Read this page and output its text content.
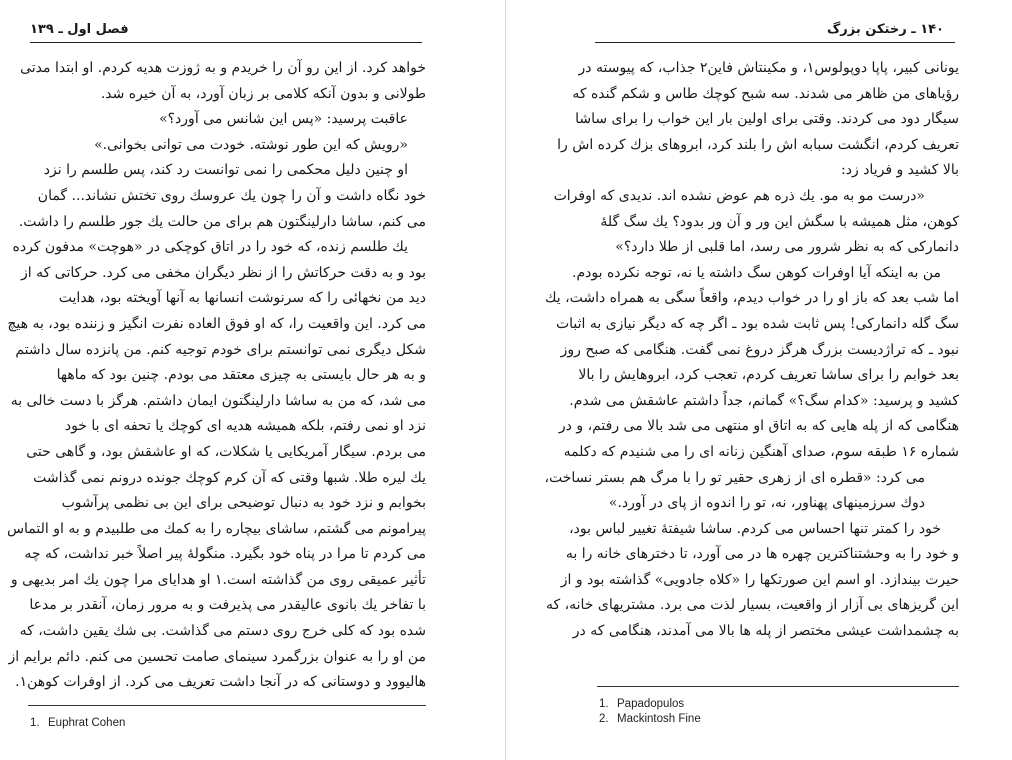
فصل اول ـ ۱۳۹
خواهد کرد. از این رو آن را خریدم و به ژوزت هدیه کردم. او ابتدا مدتی
طولانی و بدون آنکه کلامی بر زبان آورد، به آن خیره شد.
عاقبت پرسید: «پس این شانس می آورد؟»
«رویش که این طور نوشته. خودت می توانی بخوانی.»
او چنین دلیل محکمی را نمی توانست رد کند، پس طلسم را نزد
خود نگاه داشت و آن را چون یك عروسك روی تختش نشاند... گمان
می کنم، ساشا دارلینگتون هم برای من حالت یك جور طلسم را داشت.
یك طلسم زنده، که خود را در اتاق کوچکی در «هوچت» مدفون کرده
بود و به دقت حرکاتش را از نظر دیگران مخفی می کرد. حرکاتی که از
دید من نخهائی را که سرنوشت انسانها به آنها آویخته بود، هدایت
می کرد. این واقعیت را، که او فوق العاده نفرت انگیز و زننده بود، به هیچ
شکل دیگری نمی توانستم برای خودم توجیه کنم. من پانزده سال داشتم
و به هر حال بایستی به چیزی معتقد می بودم. چنین بود که ماهها
می شد، که من به ساشا دارلینگتون ایمان داشتم. هرگز با دست خالی به
نزد او نمی رفتم، بلکه همیشه هدیه ای کوچك یا تحفه ای با خود
می بردم. سیگار آمریکایی یا شکلات، که او عاشقش بود، و گاهی حتی
یك لیره طلا. شبها وقتی که آن کرم کوچك جونده درونم نمی گذاشت
بخوابم و نزد خود به دنبال توضیحی برای این بی نظمی پرآشوب
پیرامونم می گشتم، ساشای بیچاره را به کمك می طلبیدم و به او التماس
می کردم تا مرا در پناه خود بگیرد. منگولهٔ پیر اصلاً خبر نداشت، که چه
تأثیر عمیقی روی من گذاشته است.۱ او هدایای مرا چون یك امر بدیهی و
با تفاخر یك بانوی عالیقدر می پذیرفت و به مرور زمان، آنقدر بر مدعا
شده بود که کلی خرج روی دستم می گذاشت. بی شك یقین داشت، که
من او را به عنوان بزرگمرد سینمای صامت تحسین می کنم. دائم برایم از
هالیوود و دوستانی که در آنجا داشت تعریف می کرد. از اوفرات کوهن۱.
1. Euphrat Cohen
۱۴۰ ـ رختکن بزرگ
یونانی کبیر، پاپا دوپولوس۱، و مکینتاش فاین۲ جذاب، که پیوسته در
رؤیاهای من ظاهر می شدند. سه شبح کوچك طاس و شکم گنده که
سیگار دود می کردند. وقتی برای اولین بار این خواب را برای ساشا
تعریف کردم، انگشت سبابه اش را بلند کرد، ابروهای بزك کرده اش را
بالا کشید و فریاد زد:
«درست مو به مو. یك ذره هم عوض نشده اند. ندیدی که اوفرات
کوهن، مثل همیشه با سگش این ور و آن ور بدود؟ یك سگ گلهٔ
دانمارکی که به نظر شرور می رسد، اما قلبی از طلا دارد؟»
من به اینکه آیا اوفرات کوهن سگ داشته یا نه، توجه نکرده بودم.
اما شب بعد که باز او را در خواب دیدم، واقعاً سگی به همراه داشت، یك
سگ گله دانمارکی! پس ثابت شده بود ـ اگر چه که دیگر نیازی به اثبات
نبود ـ که تراژدیست بزرگ هرگز دروغ نمی گفت. هنگامی که صبح روز
بعد خوابم را برای ساشا تعریف کردم، تعجب کرد، ابروهایش را بالا
کشید و پرسید: «کدام سگ؟» گمانم، جداً داشتم عاشقش می شدم.
هنگامی که از پله هایی که به اتاق او منتهی می شد بالا می رفتم، و در
شماره ۱۶ طبقه سوم، صدای آهنگین زنانه ای را می شنیدم که دکلمه
می کرد: «قطره ای از زهری حقیر تو را با مرگ هم بستر نساخت،
دوك سرزمینهای پهناور، نه، تو را اندوه از پای در آورد.»
خود را کمتر تنها احساس می کردم. ساشا شیفتهٔ تغییر لباس بود،
و خود را به وحشتناکترین چهره ها در می آورد، تا دخترهای خانه را به
حیرت بیندازد. او اسم این صورتکها را «کلاه جادویی» گذاشته بود و از
این گریزهای بی آزار از واقعیت، بسیار لذت می برد. مشتریهای خانه، که
به چشمداشت عیشی مختصر از پله ها بالا می آمدند، هنگامی که در
1. Papadopulos
2. Mackintosh Fine
